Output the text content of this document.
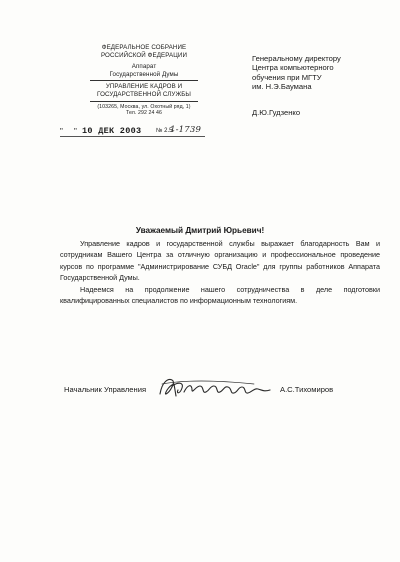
ФЕДЕРАЛЬНОЕ СОБРАНИЕ
РОССИЙСКОЙ ФЕДЕРАЦИИ
Аппарат
Государственной Думы
УПРАВЛЕНИЕ КАДРОВ И
ГОСУДАРСТВЕННОЙ СЛУЖБЫ
(103265, Москва, ул. Охотный ряд, 1)
Тел. 292 24 46
" " 10 ДЕК 2003 № 2.5-
1-1739
Генеральному директору
Центра компьютерного
обучения при МГТУ
им. Н.Э.Баумана
Д.Ю.Гудзенко
Уважаемый Дмитрий Юрьевич!

Управление кадров и государственной службы выражает благодарность Вам и сотрудникам Вашего Центра за отличную организацию и профессиональное проведение курсов по программе "Администрирование СУБД Oracle" для группы работников Аппарата Государственной Думы.

Надеемся на продолжение нашего сотрудничества в деле подготовки квалифицированных специалистов по информационным технологиям.

Начальник Управления	А.С.Тихомиров
